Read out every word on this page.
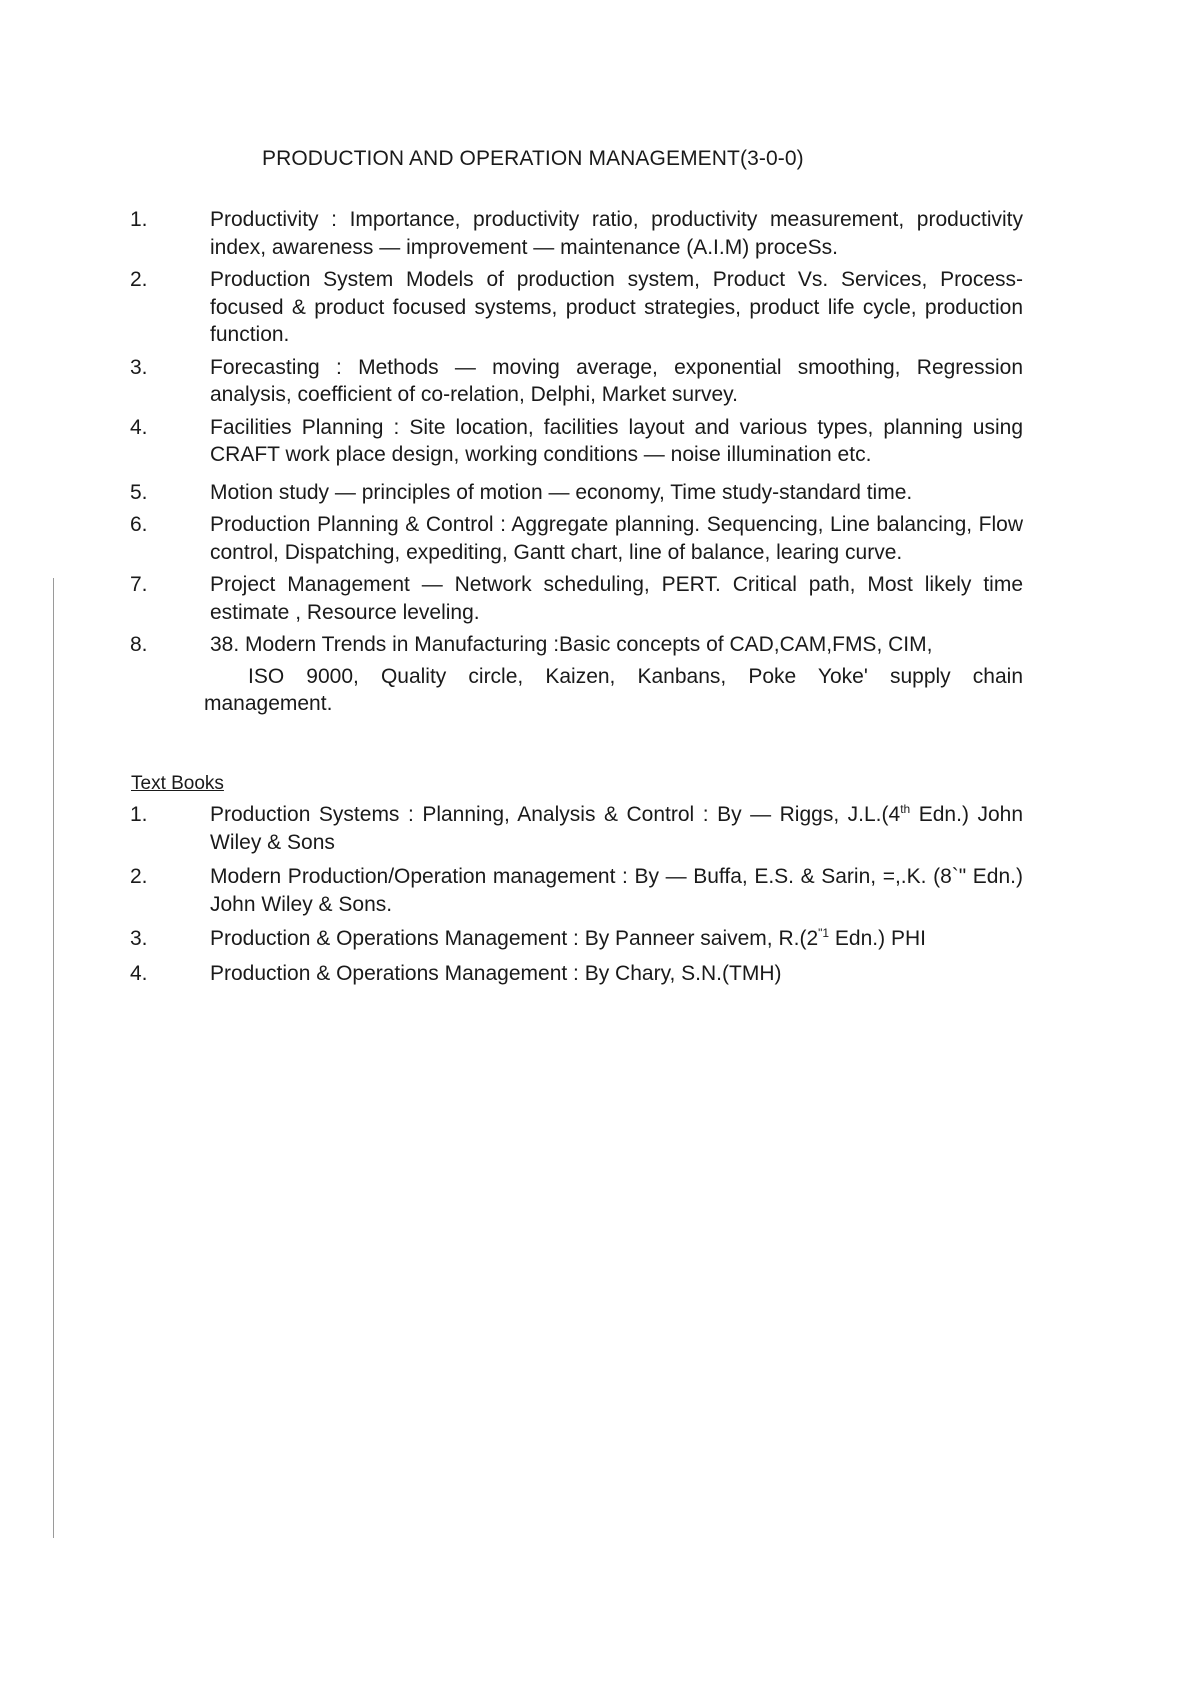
PRODUCTION AND OPERATION MANAGEMENT(3-0-0)
1.	Productivity : Importance, productivity ratio, productivity measurement, productivity index, awareness — improvement — maintenance (A.I.M) proceSs.
2.	Production System Models of production system, Product Vs. Services, Process-focused & product focused systems, product strategies, product life cycle, production function.
3.	Forecasting : Methods — moving average, exponential smoothing, Regression analysis, coefficient of co-relation, Delphi, Market survey.
4.	Facilities Planning : Site location, facilities layout and various types, planning using CRAFT work place design, working conditions — noise illumination etc.
5.	Motion study — principles of motion — economy, Time study-standard time.
6.	Production Planning & Control : Aggregate planning. Sequencing, Line balancing, Flow control, Dispatching, expediting, Gantt chart, line of balance, learing curve.
7.	Project Management — Network scheduling, PERT. Critical path, Most likely time estimate , Resource leveling.
8.	38. Modern Trends in Manufacturing :Basic concepts of CAD,CAM,FMS, CIM,
ISO 9000, Quality circle, Kaizen, Kanbans, Poke Yoke' supply chain
management.
Text Books
1.	Production Systems : Planning, Analysis & Control : By — Riggs, J.L.(4th Edn.) John Wiley & Sons
2.	Modern Production/Operation management : By — Buffa, E.S. & Sarin, =,.K. (8`" Edn.) John Wiley & Sons.
3.	Production & Operations Management : By Panneer saivem, $R.(2^{"1}$ Edn.) PHI
4.	Production & Operations Management : By Chary, S.N.(TMH)
